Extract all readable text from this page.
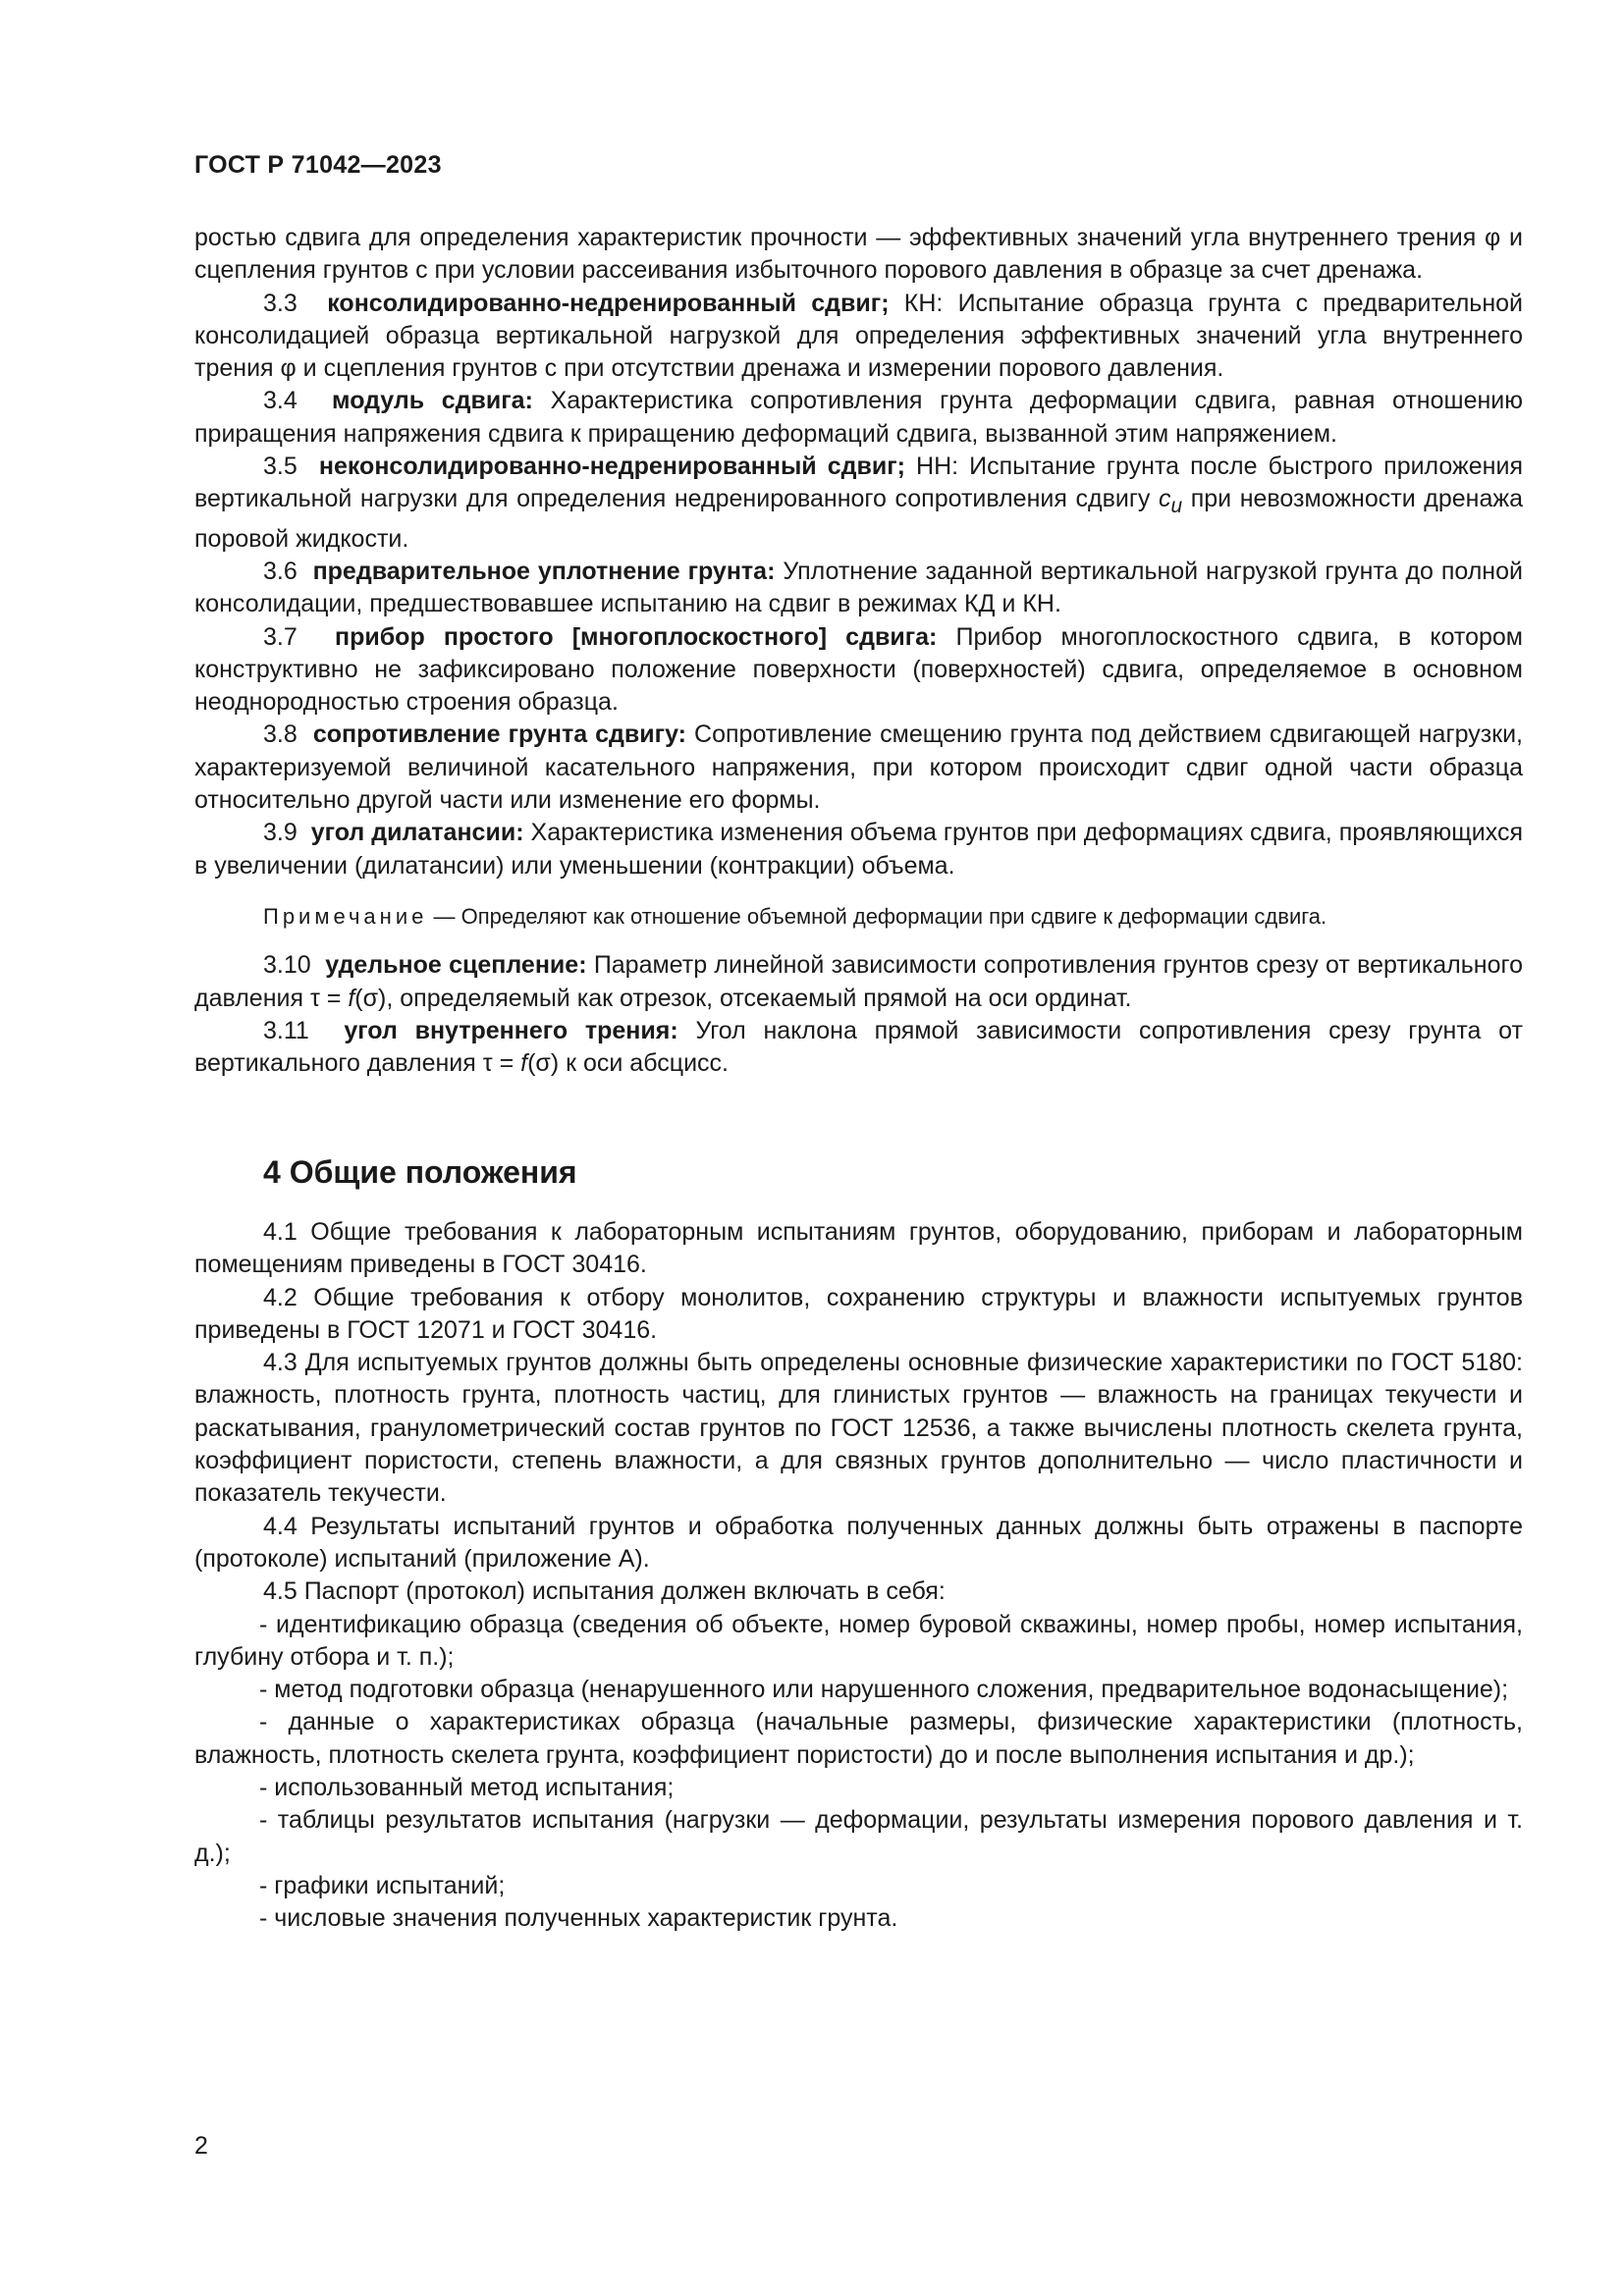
ГОСТ Р 71042—2023

ростью сдвига для определения характеристик прочности — эффективных значений угла внутреннего трения φ и сцепления грунтов c при условии рассеивания избыточного порового давления в образце за счет дренажа.

3.3 консолидированно-недренированный сдвиг; КН: Испытание образца грунта с предварительной консолидацией образца вертикальной нагрузкой для определения эффективных значений угла внутреннего трения φ и сцепления грунтов c при отсутствии дренажа и измерении порового давления.

3.4 модуль сдвига: Характеристика сопротивления грунта деформации сдвига, равная отношению приращения напряжения сдвига к приращению деформаций сдвига, вызванной этим напряжением.

3.5 неконсолидированно-недренированный сдвиг; НН: Испытание грунта после быстрого приложения вертикальной нагрузки для определения недренированного сопротивления сдвигу $c_u$ при невозможности дренажа поровой жидкости.

3.6 предварительное уплотнение грунта: Уплотнение заданной вертикальной нагрузкой грунта до полной консолидации, предшествовавшее испытанию на сдвиг в режимах КД и КН.

3.7 прибор простого [многоплоскостного] сдвига: Прибор многоплоскостного сдвига, в котором конструктивно не зафиксировано положение поверхности (поверхностей) сдвига, определяемое в основном неоднородностью строения образца.

3.8 сопротивление грунта сдвигу: Сопротивление смещению грунта под действием сдвигающей нагрузки, характеризуемой величиной касательного напряжения, при котором происходит сдвиг одной части образца относительно другой части или изменение его формы.

3.9 угол дилатансии: Характеристика изменения объема грунтов при деформациях сдвига, проявляющихся в увеличении (дилатансии) или уменьшении (контракции) объема.

Примечание — Определяют как отношение объемной деформации при сдвиге к деформации сдвига.

3.10 удельное сцепление: Параметр линейной зависимости сопротивления грунтов срезу от вертикального давления τ = f(σ), определяемый как отрезок, отсекаемый прямой на оси ординат.

3.11 угол внутреннего трения: Угол наклона прямой зависимости сопротивления срезу грунта от вертикального давления τ = f(σ) к оси абсцисс.

4 Общие положения

4.1 Общие требования к лабораторным испытаниям грунтов, оборудованию, приборам и лабораторным помещениям приведены в ГОСТ 30416.

4.2 Общие требования к отбору монолитов, сохранению структуры и влажности испытуемых грунтов приведены в ГОСТ 12071 и ГОСТ 30416.

4.3 Для испытуемых грунтов должны быть определены основные физические характеристики по ГОСТ 5180: влажность, плотность грунта, плотность частиц, для глинистых грунтов — влажность на границах текучести и раскатывания, гранулометрический состав грунтов по ГОСТ 12536, а также вычислены плотность скелета грунта, коэффициент пористости, степень влажности, а для связных грунтов дополнительно — число пластичности и показатель текучести.

4.4 Результаты испытаний грунтов и обработка полученных данных должны быть отражены в паспорте (протоколе) испытаний (приложение А).

4.5 Паспорт (протокол) испытания должен включать в себя:

- идентификацию образца (сведения об объекте, номер буровой скважины, номер пробы, номер испытания, глубину отбора и т. п.);

- метод подготовки образца (ненарушенного или нарушенного сложения, предварительное водонасыщение);

- данные о характеристиках образца (начальные размеры, физические характеристики (плотность, влажность, плотность скелета грунта, коэффициент пористости) до и после выполнения испытания и др.);

- использованный метод испытания;

- таблицы результатов испытания (нагрузки — деформации, результаты измерения порового давления и т. д.);

- графики испытаний;

- числовые значения полученных характеристик грунта.

2
